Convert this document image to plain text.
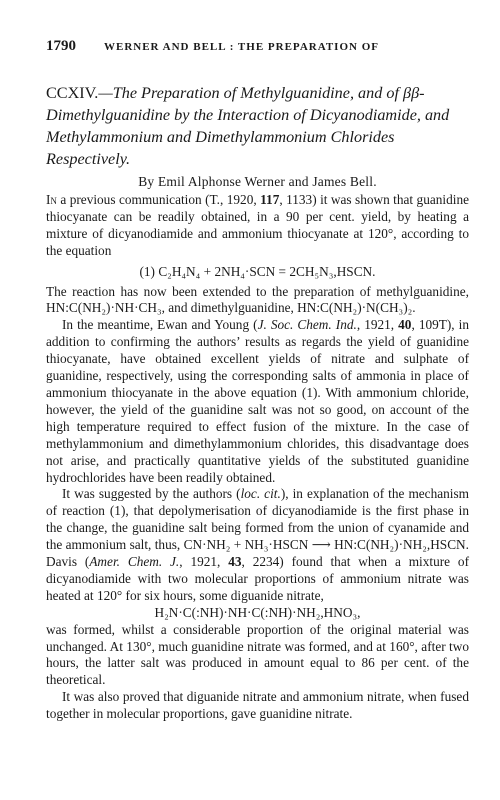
1790	WERNER AND BELL : THE PREPARATION OF
CCXIV.—The Preparation of Methylguanidine, and of ββ-Dimethylguanidine by the Interaction of Dicyanodiamide, and Methylammonium and Dimethylammonium Chlorides Respectively.
By Emil Alphonse Werner and James Bell.

In a previous communication (T., 1920, 117, 1133) it was shown that guanidine thiocyanate can be readily obtained, in a 90 per cent. yield, by heating a mixture of dicyanodiamide and ammonium thiocyanate at 120°, according to the equation

(1) C₂H₄N₄ + 2NH₄·SCN = 2CH₅N₃,HSCN.

The reaction has now been extended to the preparation of methylguanidine, HN:C(NH₂)·NH·CH₃, and dimethylguanidine, HN:C(NH₂)·N(CH₃)₂.

In the meantime, Ewan and Young (J. Soc. Chem. Ind., 1921, 40, 109T), in addition to confirming the authors’ results as regards the yield of guanidine thiocyanate, have obtained excellent yields of nitrate and sulphate of guanidine, respectively, using the corresponding salts of ammonia in place of ammonium thiocyanate in the above equation (1). With ammonium chloride, however, the yield of the guanidine salt was not so good, on account of the high temperature required to effect fusion of the mixture. In the case of methylammonium and dimethylammonium chlorides, this disadvantage does not arise, and practically quantitative yields of the substituted guanidine hydrochlorides have been readily obtained.

It was suggested by the authors (loc. cit.), in explanation of the mechanism of reaction (1), that depolymerisation of dicyanodiamide is the first phase in the change, the guanidine salt being formed from the union of cyanamide and the ammonium salt, thus, CN·NH₂ + NH₃·HSCN ⟶ HN:C(NH₂)·NH₂,HSCN. Davis (Amer. Chem. J., 1921, 43, 2234) found that when a mixture of dicyanodiamide with two molecular proportions of ammonium nitrate was heated at 120° for six hours, some diguanide nitrate,

H₂N·C(:NH)·NH·C(:NH)·NH₂,HNO₃,

was formed, whilst a considerable proportion of the original material was unchanged. At 130°, much guanidine nitrate was formed, and at 160°, after two hours, the latter salt was produced in amount equal to 86 per cent. of the theoretical.

It was also proved that diguanide nitrate and ammonium nitrate, when fused together in molecular proportions, gave guanidine nitrate.
